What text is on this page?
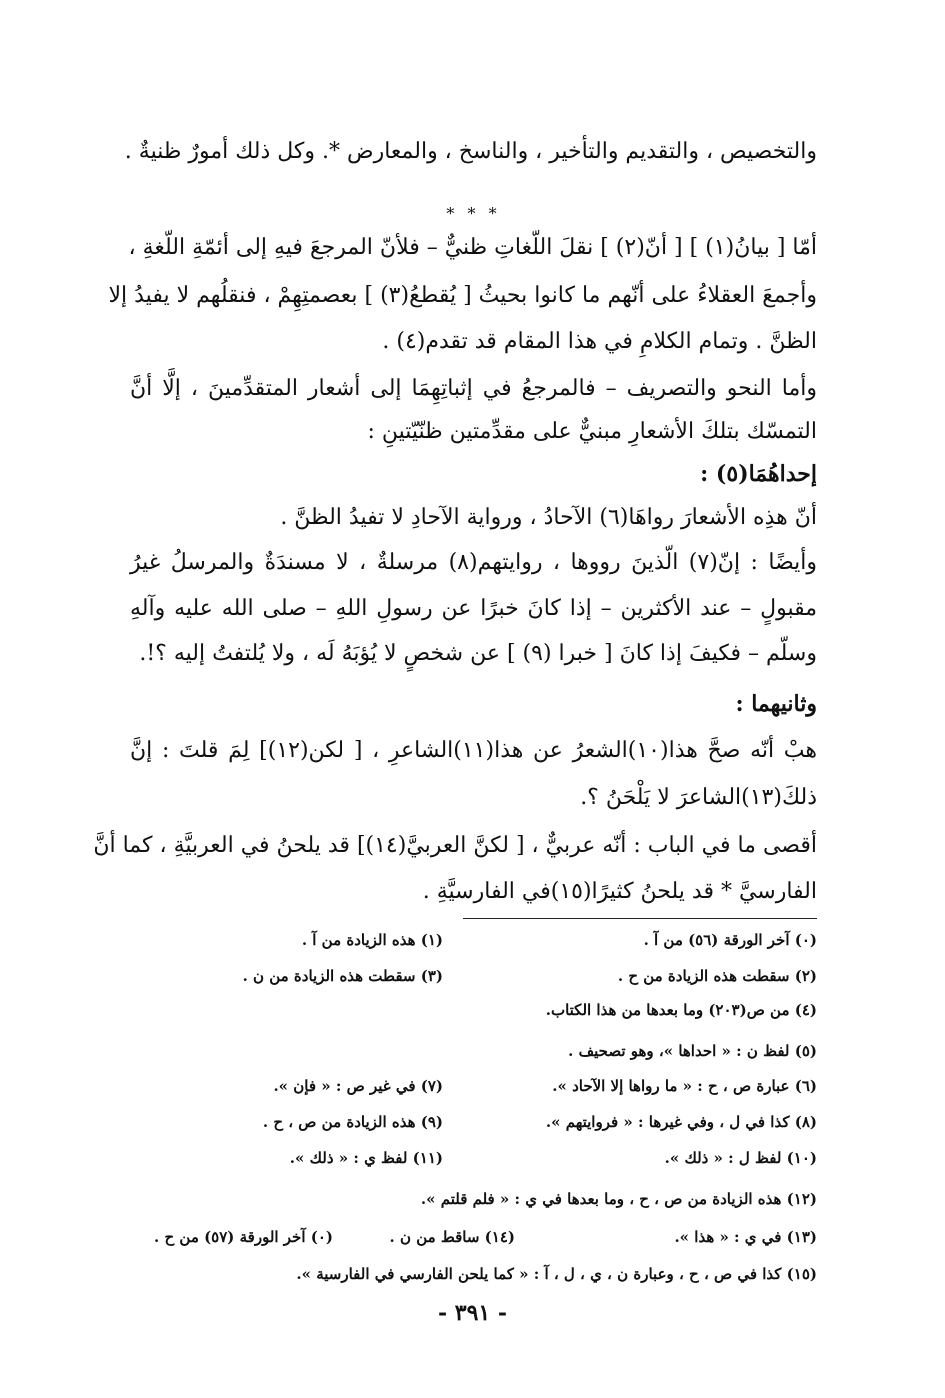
والتخصيص ، والتقديم والتأخير ، والناسخ ، والمعارض *. وكل ذلك أمورٌ ظنيةٌ .
* * *
أمّا [ بيانُ(١) ] [ أنّ(٢) ] نقلَ اللّغاتِ ظنيٌّ – فلأنّ المرجعَ فيهِ إلى أئمّةِ اللّغةِ ،
وأجمعَ العقلاءُ على أنّهم ما كانوا بحيثُ [ يُقطعُ(٣) ] بعصمتِهِمْ ، فنقلُهم لا يفيدُ إلا
الظنَّ . وتمام الكلامِ في هذا المقام قد تقدم(٤) .
وأما النحو والتصريف – فالمرجعُ في إثباتِهِمَا إلى أشعار المتقدِّمينَ ، إلَّا أنَّ
التمسّك بتلكَ الأشعارِ مبنيٌّ على مقدِّمتين ظنّيّتينِ :
إحداهُمَا(٥) :
أنّ هذِه الأشعارَ رواهَا(٦) الآحادُ ، ورواية الآحادِ لا تفيدُ الظنَّ .
وأيضًا : إنّ(٧) الّذينَ رووها ، روايتهم(٨) مرسلةٌ ، لا مسندَةٌ والمرسلُ غيرُ
مقبولٍ – عند الأكثرين – إذا كانَ خبرًا عن رسولِ اللهِ – صلى الله عليه وآلهِ
وسلّم – فكيفَ إذا كانَ [ خبرا (٩) ] عن شخصٍ لا يُؤبَهُ لَه ، ولا يُلتفتُ إليه ؟!.
وثانيهما :
هبْ أنّه صحَّ هذا(١٠)الشعرُ عن هذا(١١)الشاعرِ ، [ لكن(١٢)] لِمَ قلتَ : إنَّ
ذلكَ(١٣)الشاعرَ لا يَلْحَنُ ؟.
أقصى ما في الباب : أنّه عربيٌّ ، [ لكنَّ العربيَّ(١٤)] قد يلحنُ في العربيَّةِ ، كما أنَّ
الفارسيَّ * قد يلحنُ كثيرًا(١٥)في الفارسيَّةِ .
(٠) آخر الورقة (٥٦) من آ .
(١) هذه الزيادة من آ .
(٢) سقطت هذه الزيادة من ح .
(٣) سقطت هذه الزيادة من ن .
(٤) من ص(٢٠٣) وما بعدها من هذا الكتاب.
(٥) لفظ ن : « احداها »، وهو تصحيف .
(٦) عبارة ص ، ح : « ما رواها إلا الآحاد ».
(٧) في غير ص : « فإن ».
(٨) كذا في ل ، وفي غيرها : « فروايتهم ».
(٩) هذه الزيادة من ص ، ح .
(١٠) لفظ ل : « ذلك ».
(١١) لفظ ي : « ذلك ».
(١٢) هذه الزيادة من ص ، ح ، وما بعدها في ي : « فلم قلتم ».
(١٣) في ي : « هذا ».
(١٤) ساقط من ن .
(٠) آخر الورقة (٥٧) من ح .
(١٥) كذا في ص ، ح ، وعبارة ن ، ي ، ل ، آ : « كما يلحن الفارسي في الفارسية ».
- ٣٩١ -
